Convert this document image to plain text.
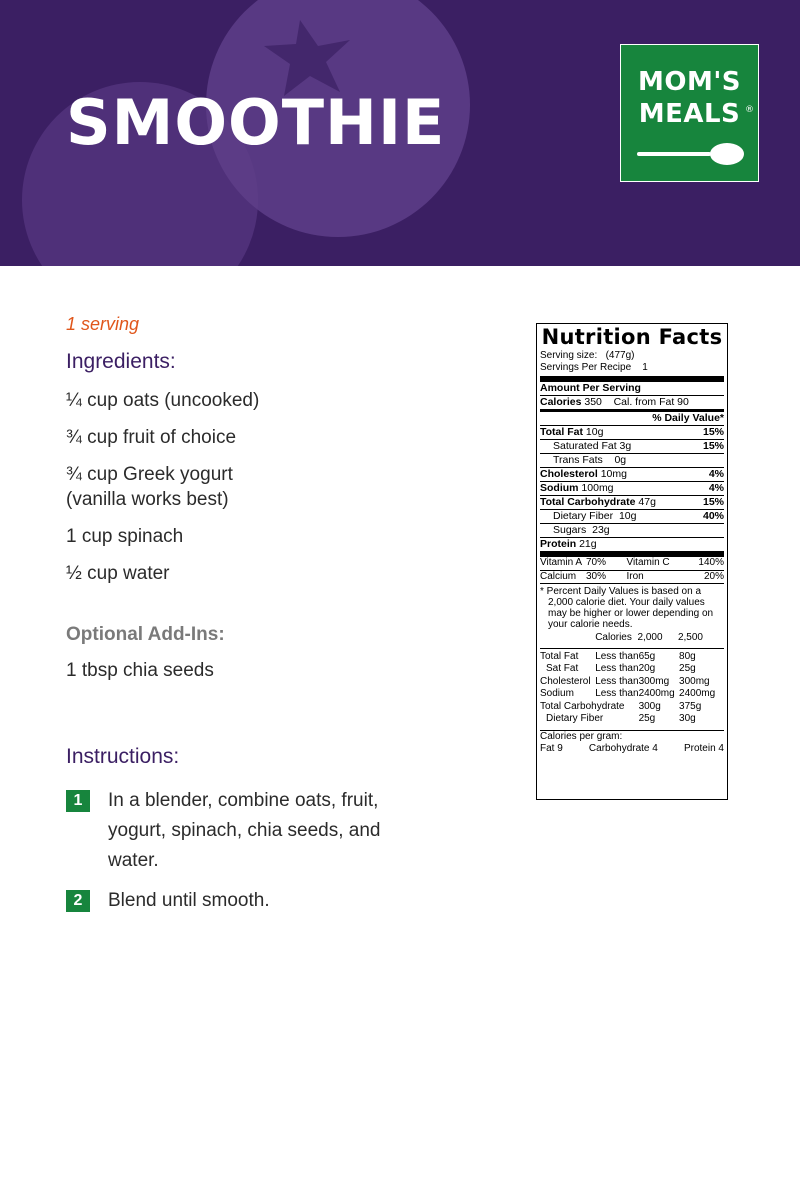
SMOOTHIE
MOM'S
MEALS ®
1 serving
Ingredients:
¼ cup oats (uncooked)
¾ cup fruit of choice
¾ cup Greek yogurt (vanilla works best)
1 cup spinach
½ cup water
Optional Add-Ins:
1 tbsp chia seeds
Instructions:
1	In a blender, combine oats, fruit, yogurt, spinach, chia seeds, and water.
2	Blend until smooth.
Nutrition Facts
Serving size: (477g)
Servings Per Recipe 1
Amount Per Serving
Calories 350 Cal. from Fat 90
% Daily Value*
Total Fat 10g	15%
Saturated Fat 3g	15%
Trans Fats 0g
Cholesterol 10mg	4%
Sodium 100mg	4%
Total Carbohydrate 47g	15%
Dietary Fiber 10g	40%
Sugars 23g
Protein 21g
Vitamin A	70%	Vitamin C	140%
Calcium	30%	Iron	20%
* Percent Daily Values is based on a 2,000 calorie diet. Your daily values may be higher or lower depending on your calorie needs.
	Calories	2,000	2,500
Total Fat	Less than	65g	80g
Sat Fat	Less than	20g	25g
Cholesterol	Less than	300mg	300mg
Sodium	Less than	2400mg	2400mg
Total Carbohydrate		300g	375g
Dietary Fiber		25g	30g
Calories per gram:
Fat 9	Carbohydrate 4	Protein 4
